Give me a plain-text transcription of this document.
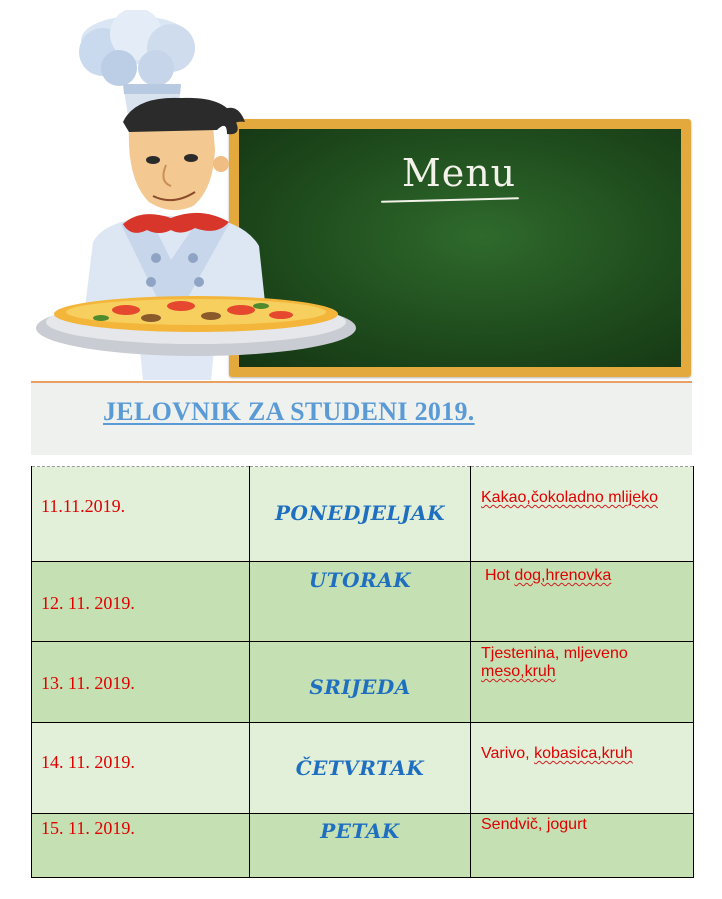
Menu
JELOVNIK ZA STUDENI 2019.
11.11.2019.	PONEDJELJAK	Kakao,čokoladno mlijeko

12. 11. 2019.	UTORAK	Hot dog,hrenovka

13. 11. 2019.	SRIJEDA	Tjestenina, mljeveno meso,kruh

14. 11. 2019.	ČETVRTAK	Varivo, kobasica,kruh

15. 11. 2019.	PETAK	Sendvič, jogurt
